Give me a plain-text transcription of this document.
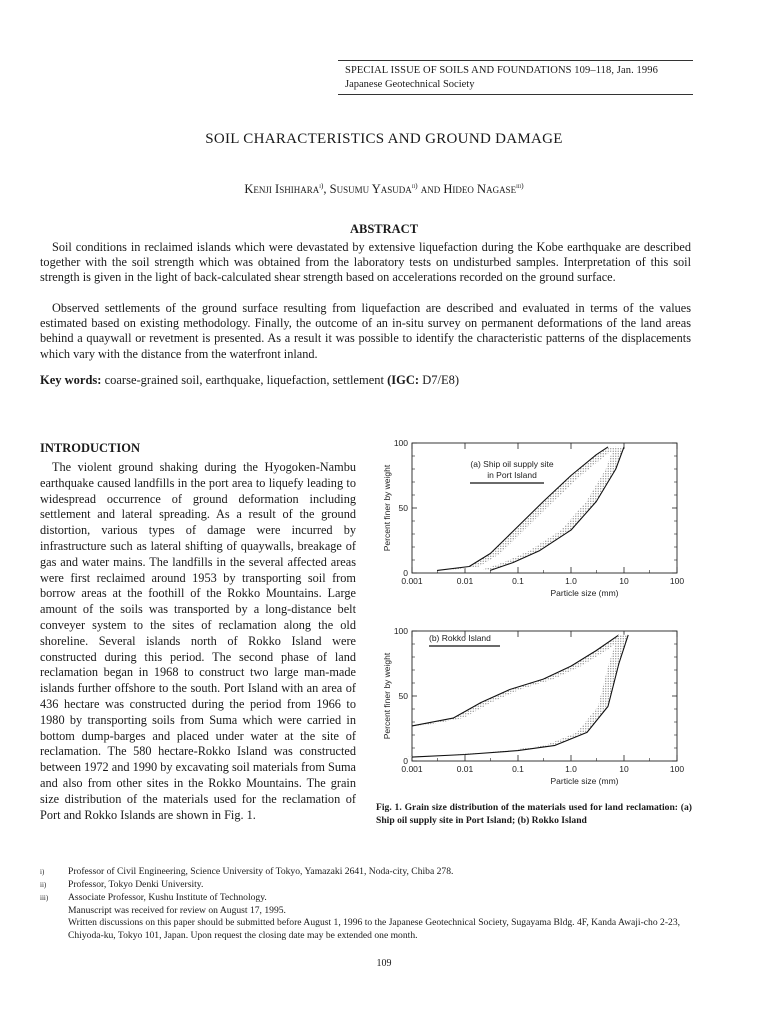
SPECIAL ISSUE OF SOILS AND FOUNDATIONS 109–118, Jan. 1996
Japanese Geotechnical Society
SOIL CHARACTERISTICS AND GROUND DAMAGE
Kenji Ishihara$^{i)}$, Susumu Yasuda$^{ii)}$ and Hideo Nagase$^{iii)}$
ABSTRACT

Soil conditions in reclaimed islands which were devastated by extensive liquefaction during the Kobe earthquake are described together with the soil strength which was obtained from the laboratory tests on undisturbed samples. Interpretation of this soil strength is given in the light of back-calculated shear strength based on accelerations recorded on the ground surface.

Observed settlements of the ground surface resulting from liquefaction are described and evaluated in terms of the values estimated based on existing methodology. Finally, the outcome of an in-situ survey on permanent deformations of the land areas behind a quaywall or revetment is presented. As a result it was possible to identify the characteristic patterns of the displacements which vary with the distance from the waterfront inland.

Key words: coarse-grained soil, earthquake, liquefaction, settlement (IGC: D7/E8)
INTRODUCTION

The violent ground shaking during the Hyogoken-Nambu earthquake caused landfills in the port area to liquefy leading to widespread occurrence of ground deformation including settlement and lateral spreading. As a result of the ground distortion, various types of damage were incurred by infrastructure such as lateral shifting of quaywalls, breakage of gas and water mains. The landfills in the several affected areas were first reclaimed around 1953 by transporting soil from borrow areas at the foothill of the Rokko Mountains. Large amount of the soils was transported by a long-distance belt conveyer system to the sites of reclamation along the old shoreline. Several islands north of Rokko Island were constructed during this period. The second phase of land reclamation began in 1968 to construct two large man-made islands further offshore to the south. Port Island with an area of 436 hectare was constructed during the period from 1966 to 1980 by transporting soils from Suma which were carried in bottom dump-barges and placed under water at the site of reclamation. The 580 hectare-Rokko Island was constructed between 1972 and 1990 by excavating soil materials from Suma and also from other sites in the Rokko Mountains. The grain size distribution of the materials used for the reclamation of Port and Rokko Islands are shown in Fig. 1.

0.001	0.01	0.1	1.0	10	100
0
50
100
Particle size (mm)
Percent finer by weight
(a) Ship oil supply site
in Port Island
0.001	0.01	0.1	1.0	10	100
0
50
100
Particle size (mm)
Percent finer by weight
(b) Rokko Island
Fig. 1. Grain size distribution of the materials used for land reclamation: (a) Ship oil supply site in Port Island; (b) Rokko Island
i) Professor of Civil Engineering, Science University of Tokyo, Yamazaki 2641, Noda-city, Chiba 278.
ii) Professor, Tokyo Denki University.
iii) Associate Professor, Kushu Institute of Technology.
Manuscript was received for review on August 17, 1995.
Written discussions on this paper should be submitted before August 1, 1996 to the Japanese Geotechnical Society, Sugayama Bldg. 4F, Kanda Awaji-cho 2-23, Chiyoda-ku, Tokyo 101, Japan. Upon request the closing date may be extended one month.
109
